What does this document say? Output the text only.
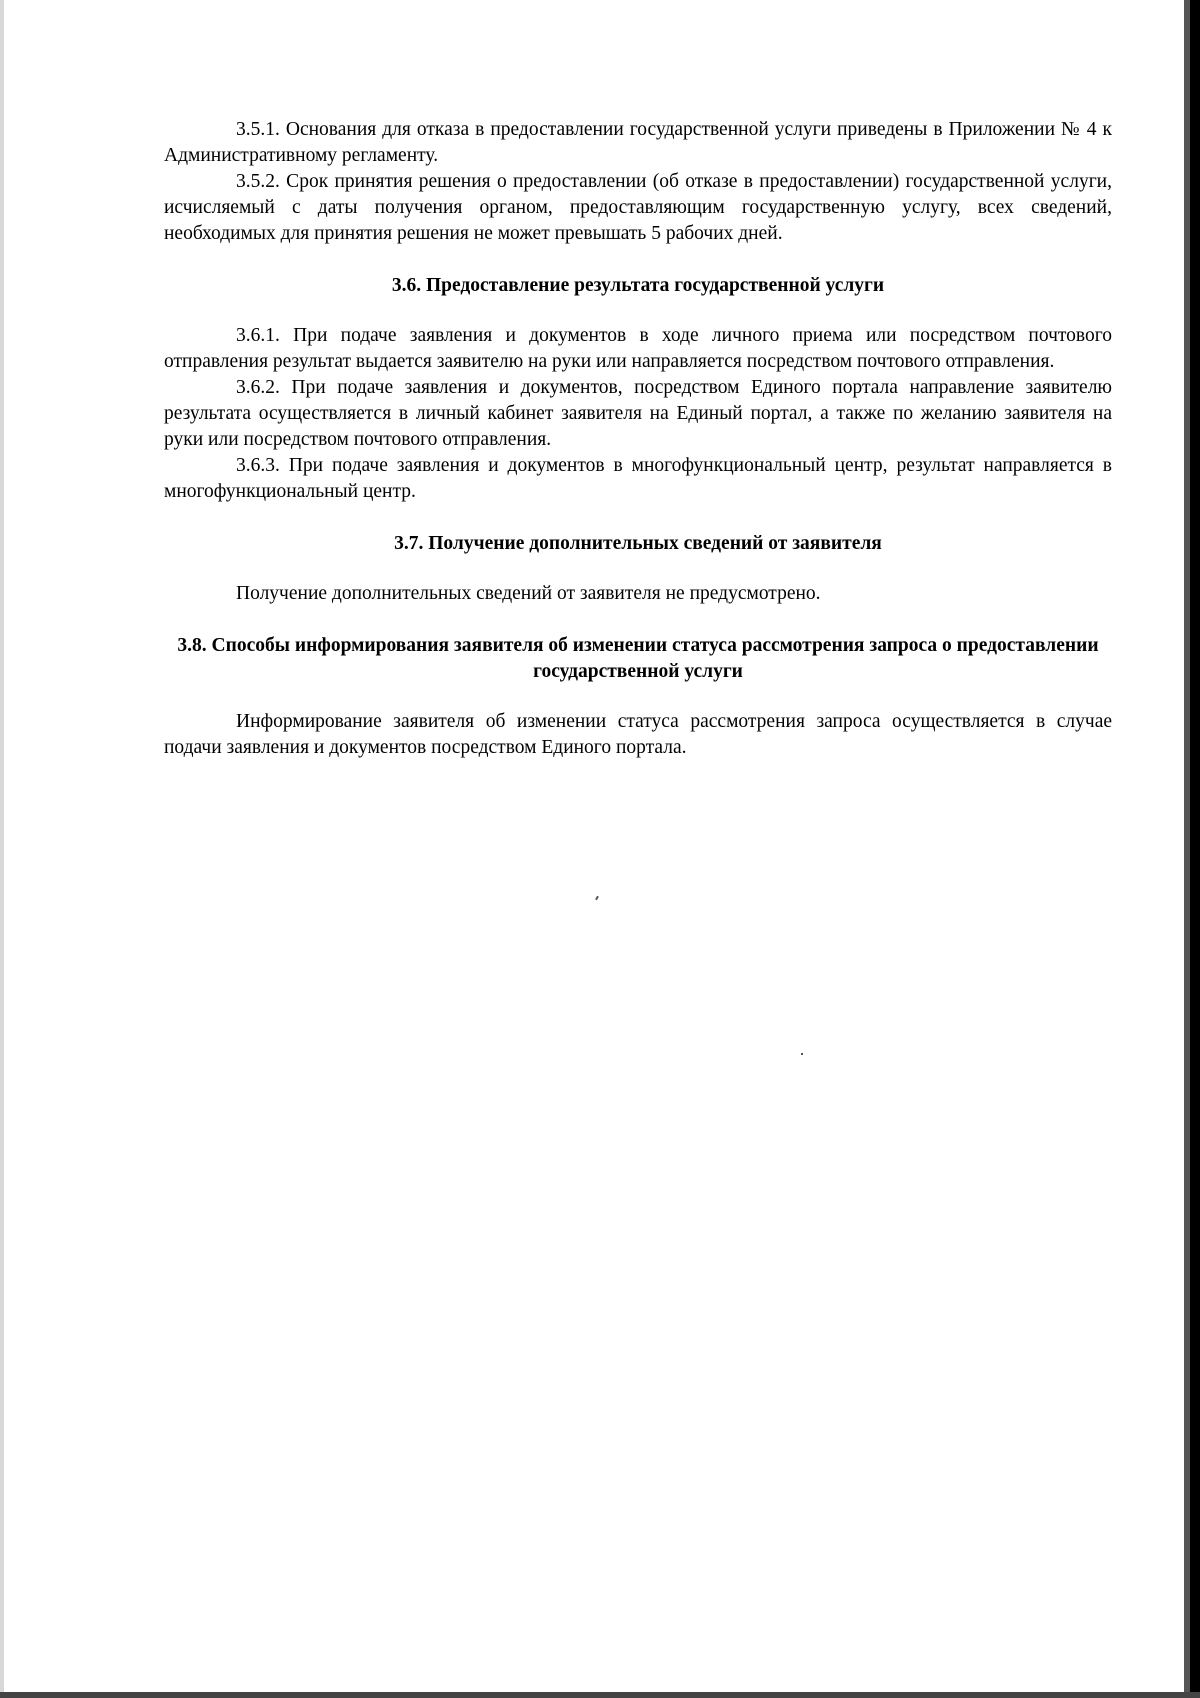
3.5.1. Основания для отказа в предоставлении государственной услуги приведены в Приложении № 4 к Административному регламенту.

3.5.2. Срок принятия решения о предоставлении (об отказе в предоставлении) государственной услуги, исчисляемый с даты получения органом, предоставляющим государственную услугу, всех сведений, необходимых для принятия решения не может превышать 5 рабочих дней.

3.6. Предоставление результата государственной услуги

3.6.1. При подаче заявления и документов в ходе личного приема или посредством почтового отправления результат выдается заявителю на руки или направляется посредством почтового отправления.

3.6.2. При подаче заявления и документов, посредством Единого портала направление заявителю результата осуществляется в личный кабинет заявителя на Единый портал, а также по желанию заявителя на руки или посредством почтового отправления.

3.6.3. При подаче заявления и документов в многофункциональный центр, результат направляется в многофункциональный центр.

3.7. Получение дополнительных сведений от заявителя

Получение дополнительных сведений от заявителя не предусмотрено.

3.8. Способы информирования заявителя об изменении статуса рассмотрения запроса о предоставлении государственной услуги

Информирование заявителя об изменении статуса рассмотрения запроса осуществляется в случае подачи заявления и документов посредством Единого портала.
